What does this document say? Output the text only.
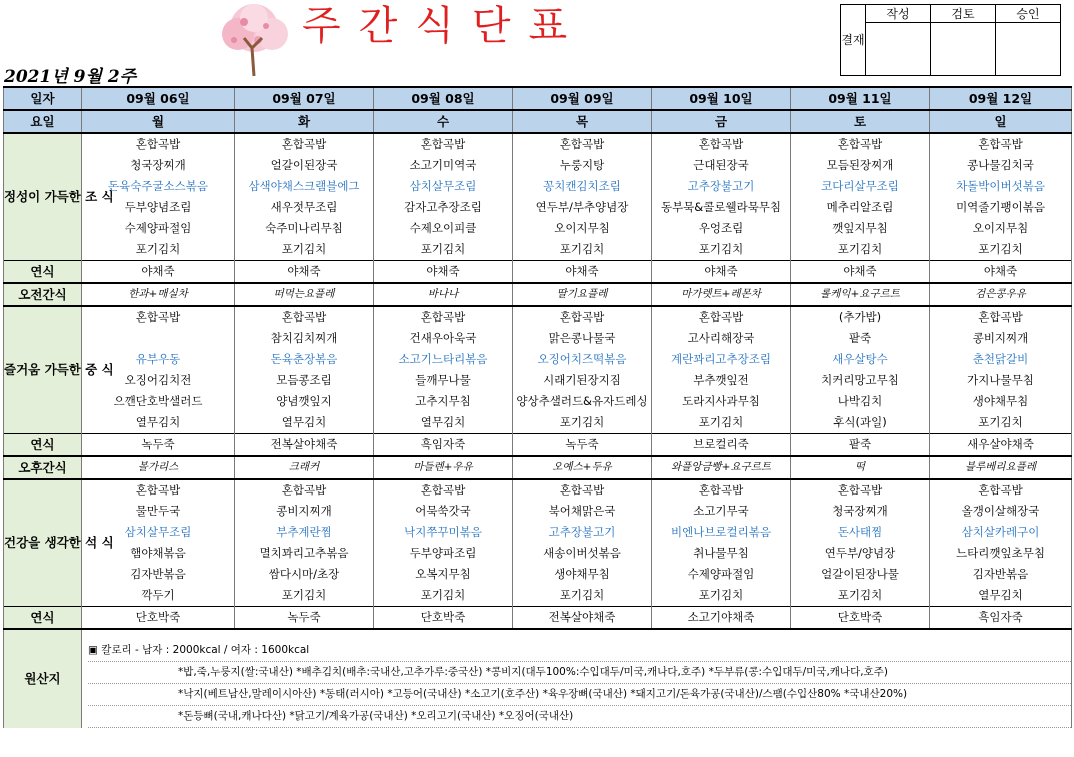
주간식단표	결재	작성	검토	승인

2021년 9월 2주
일자	09월 06일	09월 07일	09월 08일	09월 09일	09월 10일	09월 11일	09월 12일
요일	월	화	수	목	금	토	일
정성이 가득한 조 식	혼합곡밥	혼합곡밥	혼합곡밥	혼합곡밥	혼합곡밥	혼합곡밥	혼합곡밥
	청국장찌개	얼갈이된장국	소고기미역국	누룽지탕	근대된장국	모듬된장찌개	콩나물김치국
	돈육숙주굴소스볶음	삼색야채스크램블에그	삼치살무조림	꽁치캔김치조림	고추장불고기	코다리살무조림	차돌박이버섯볶음
	두부양념조림	새우젓무조림	감자고추장조림	연두부/부추양념장	동부묵&콜로웰라묵무침	메추리알조림	미역줄기팽이볶음
	수제양파절임	숙주미나리무침	수제오이피클	오이지무침	우엉조림	깻잎지무침	오이지무침
	포기김치	포기김치	포기김치	포기김치	포기김치	포기김치	포기김치
연식	야채죽	야채죽	야채죽	야채죽	야채죽	야채죽	야채죽
오전간식	한과+매실차	떠먹는요플레	바나나	딸기요플레	마가렛트+레몬차	롤케익+요구르트	검은콩우유
즐거움 가득한 중 식	혼합곡밥	혼합곡밥	혼합곡밥	혼합곡밥	혼합곡밥	(추가밥)	혼합곡밥
		참치김치찌개	건새우아욱국	맑은콩나물국	고사리해장국	팥죽	콩비지찌개
	유부우동	돈육춘장볶음	소고기느타리볶음	오징어치즈떡볶음	계란꽈리고추장조림	새우살탕수	춘천닭갈비
	오징어김치전	모듬콩조림	들깨무나물	시래기된장지짐	부추깻잎전	치커리망고무침	가지나물무침
	으깬단호박샐러드	양념깻잎지	고추지무침	양상추샐러드&유자드레싱	도라지사과무침	나박김치	생야채무침
	열무김치	열무김치	열무김치	포기김치	포기김치	후식(과일)	포기김치
연식	녹두죽	전복살야채죽	흑임자죽	녹두죽	브로컬리죽	팥죽	새우살야채죽
오후간식	볼가리스	크래커	마들렌+우유	오예스+두유	와플앙금빵+요구르트	떡	블루베리요플레
건강을 생각한 석 식	혼합곡밥	혼합곡밥	혼합곡밥	혼합곡밥	혼합곡밥	혼합곡밥	혼합곡밥
	물만두국	콩비지찌개	어묵쑥갓국	북어채맑은국	소고기무국	청국장찌개	올갱이살해장국
	삼치살무조림	부추계란찜	낙지쭈꾸미볶음	고추장불고기	비엔나브로컬리볶음	돈사태찜	삼치살카레구이
	햄야채볶음	멸치꽈리고추볶음	두부양파조림	새송이버섯볶음	취나물무침	연두부/양념장	느타리깻잎초무침
	김자반볶음	쌈다시마/초장	오복지무침	생야채무침	수제양파절임	얼갈이된장나물	김자반볶음
	깍두기	포기김치	포기김치	포기김치	포기김치	포기김치	열무김치
연식	단호박죽	녹두죽	단호박죽	전복살야채죽	소고기야채죽	단호박죽	흑임자죽
원산지	▣ 칼로리 - 남자 : 2000kcal / 여자 : 1600kcal
*밥,죽,누룽지(쌀:국내산) *배추김치(배추:국내산,고추가루:중국산) *콩비지(대두100%:수입대두/미국,캐나다,호주) *두부류(콩:수입대두/미국,캐나다,호주)
*낙지(베트남산,말레이시아산) *동태(러시아) *고등어(국내산) *소고기(호주산) *육우장뼈(국내산) *돼지고기/돈육가공(국내산)/스팸(수입산80% *국내산20%)
*돈등뼈(국내,캐나다산) *닭고기/계육가공(국내산) *오리고기(국내산) *오징어(국내산)						
